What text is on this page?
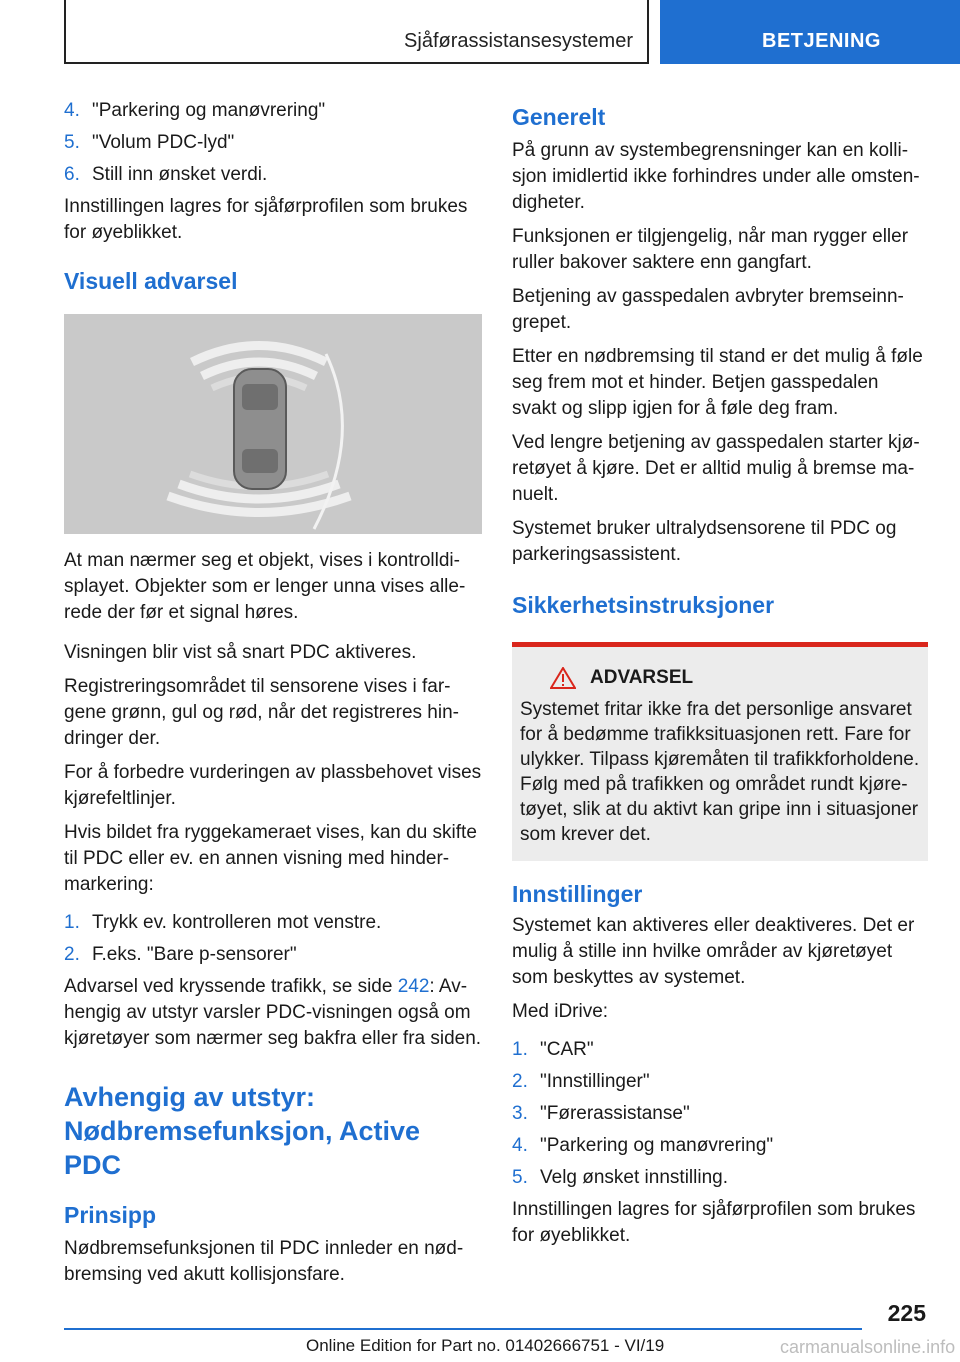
Sjåførassistansesystemer	BETJENING
4. "Parkering og manøvrering"
5. "Volum PDC-lyd"
6. Still inn ønsket verdi.

Innstillingen lagres for sjåførprofilen som brukes for øyeblikket.

Visuell advarsel

At man nærmer seg et objekt, vises i kontrolldi- splayet. Objekter som er lenger unna vises alle- rede der før et signal høres.

Visningen blir vist så snart PDC aktiveres.

Registreringsområdet til sensorene vises i far- gene grønn, gul og rød, når det registreres hin- dringer der.

For å forbedre vurderingen av plassbehovet vises kjørefeltlinjer.

Hvis bildet fra ryggekameraet vises, kan du skifte til PDC eller ev. en annen visning med hinder- markering:

1. Trykk ev. kontrolleren mot venstre.
2. F.eks. "Bare p-sensorer"

Advarsel ved kryssende trafikk, se side 242: Av- hengig av utstyr varsler PDC-visningen også om kjøretøyer som nærmer seg bakfra eller fra siden.

Avhengig av utstyr:
Nødbremsefunksjon, Active PDC
Prinsipp

Nødbremsefunksjonen til PDC innleder en nød- bremsing ved akutt kollisjonsfare.

Generelt

På grunn av systembegrensninger kan en kolli- sjon imidlertid ikke forhindres under alle omsten- digheter.

Funksjonen er tilgjengelig, når man rygger eller ruller bakover saktere enn gangfart.

Betjening av gasspedalen avbryter bremseinn- grepet.

Etter en nødbremsing til stand er det mulig å føle seg frem mot et hinder. Betjen gasspedalen svakt og slipp igjen for å føle deg fram.

Ved lengre betjening av gasspedalen starter kjø- retøyet å kjøre. Det er alltid mulig å bremse ma- nuelt.

Systemet bruker ultralydsensorene til PDC og parkeringsassistent.

Sikkerhetsinstruksjoner
ADVARSEL

Systemet fritar ikke fra det personlige ansvaret for å bedømme trafikksituasjonen rett. Fare for ulykker. Tilpass kjøremåten til trafikkforholdene. Følg med på trafikken og området rundt kjøre- tøyet, slik at du aktivt kan gripe inn i situasjoner som krever det.

Innstillinger

Systemet kan aktiveres eller deaktiveres. Det er mulig å stille inn hvilke områder av kjøretøyet som beskyttes av systemet.

Med iDrive:

1. "CAR"
2. "Innstillinger"
3. "Førerassistanse"
4. "Parkering og manøvrering"
5. Velg ønsket innstilling.

Innstillingen lagres for sjåførprofilen som brukes for øyeblikket.

225
Online Edition for Part no. 01402666751 - VI/19	carmanualsonline.info
